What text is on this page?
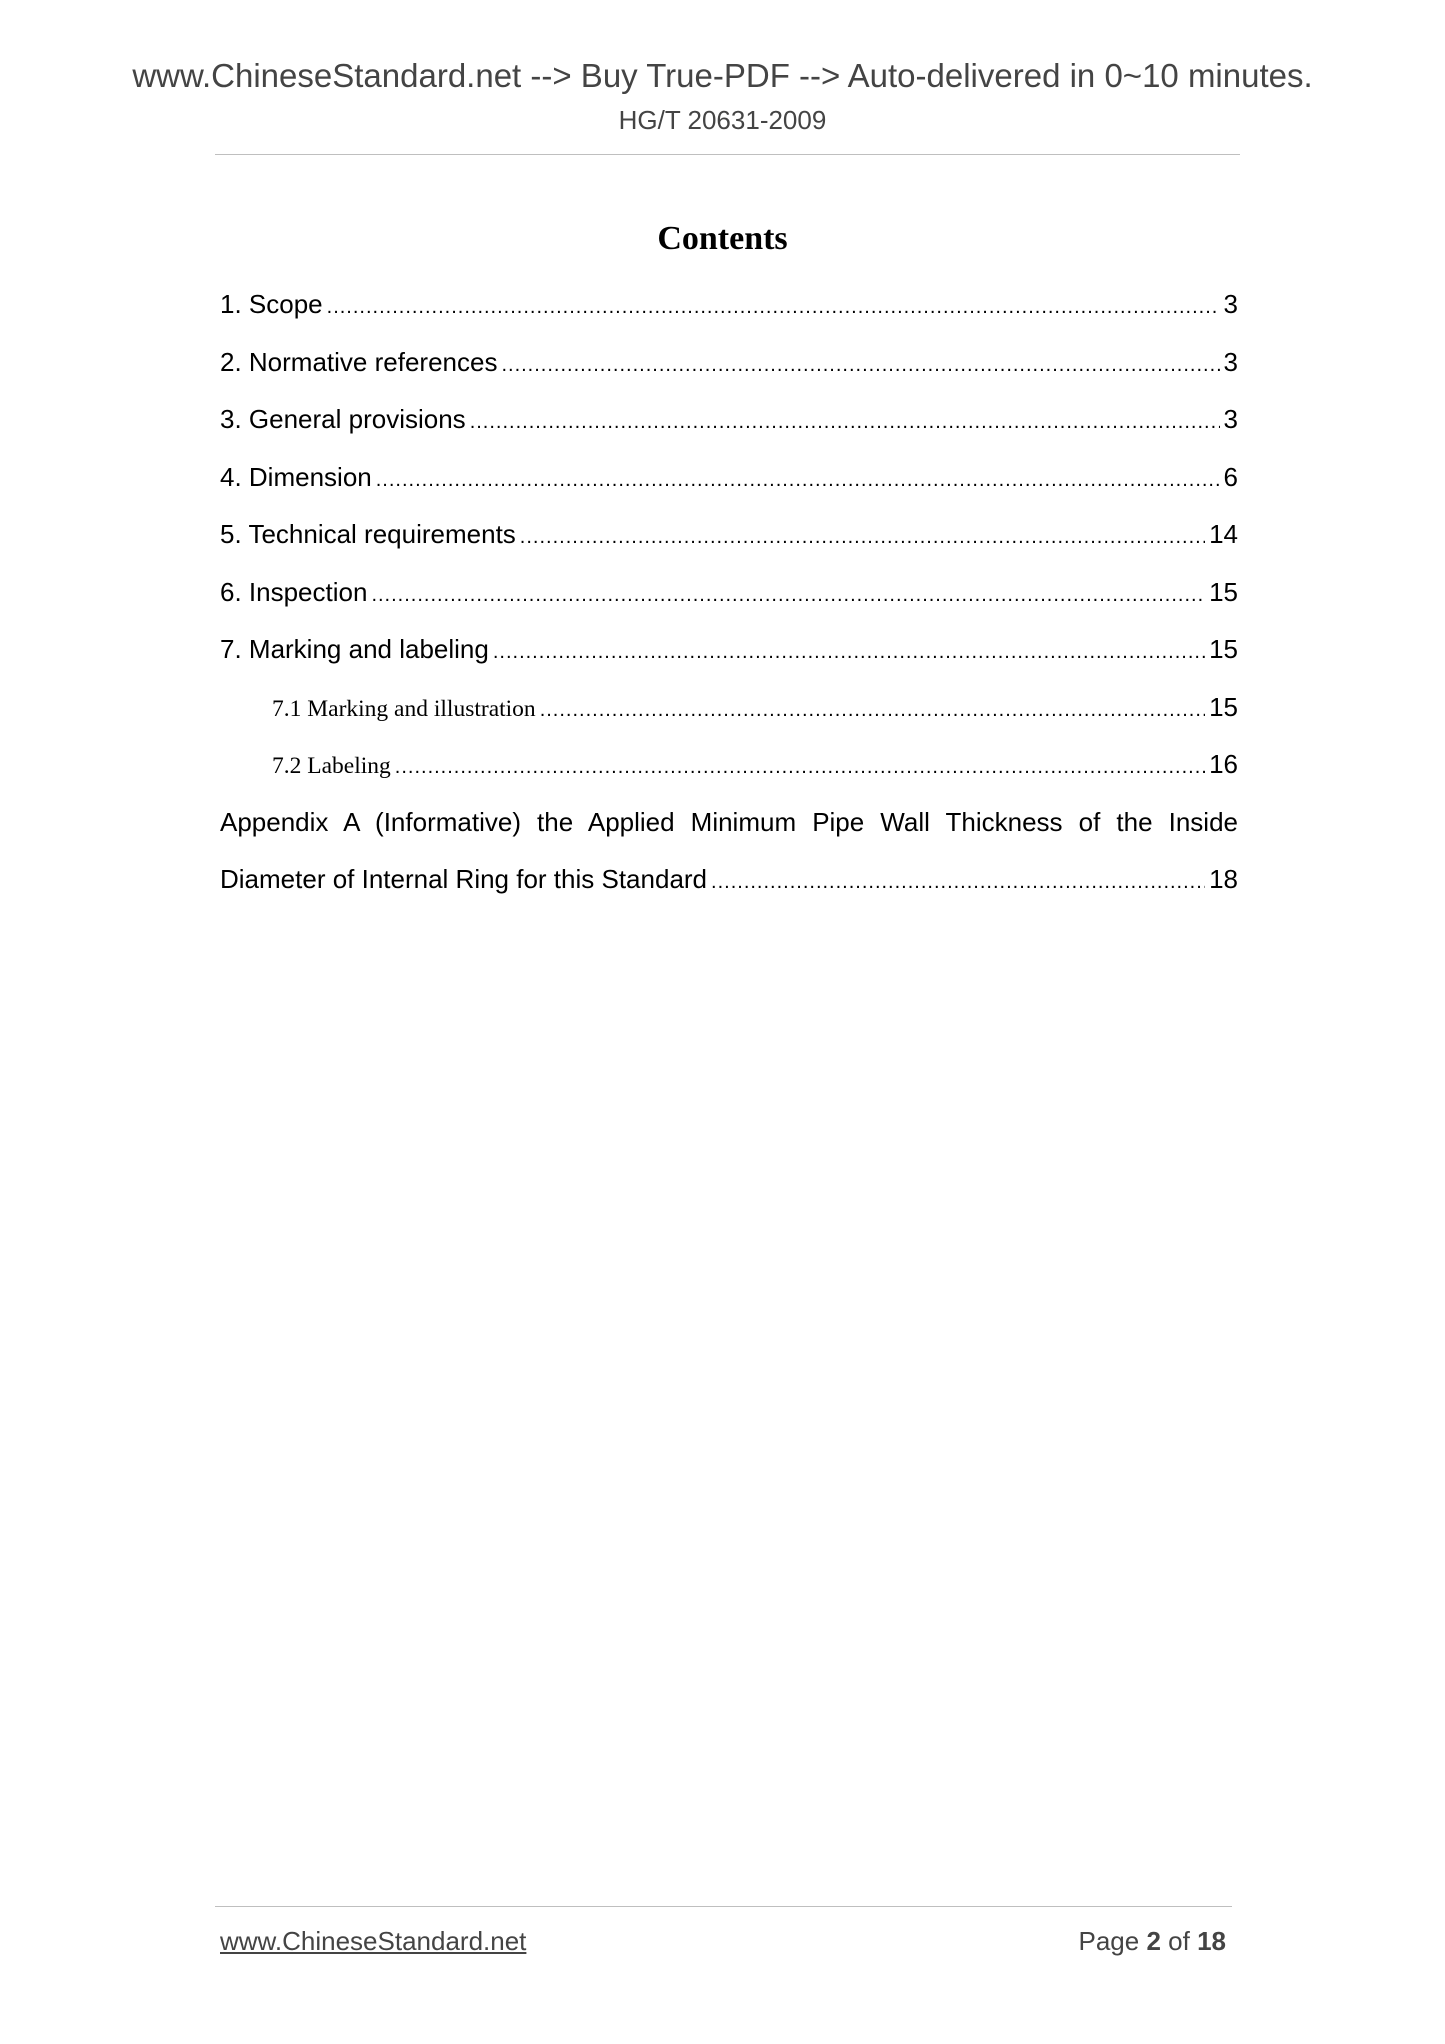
www.ChineseStandard.net --> Buy True-PDF --> Auto-delivered in 0~10 minutes.
HG/T 20631-2009
Contents
1. Scope .....	3
2. Normative references .....	3
3. General provisions .....	3
4. Dimension .....	6
5. Technical requirements .....	14
6. Inspection .....	15
7. Marking and labeling .....	15
7.1 Marking and illustration .....	15
7.2 Labeling .....	16
Appendix A (Informative) the Applied Minimum Pipe Wall Thickness of the Inside
Diameter of Internal Ring for this Standard .....	18
www.ChineseStandard.net	Page 2 of 18
